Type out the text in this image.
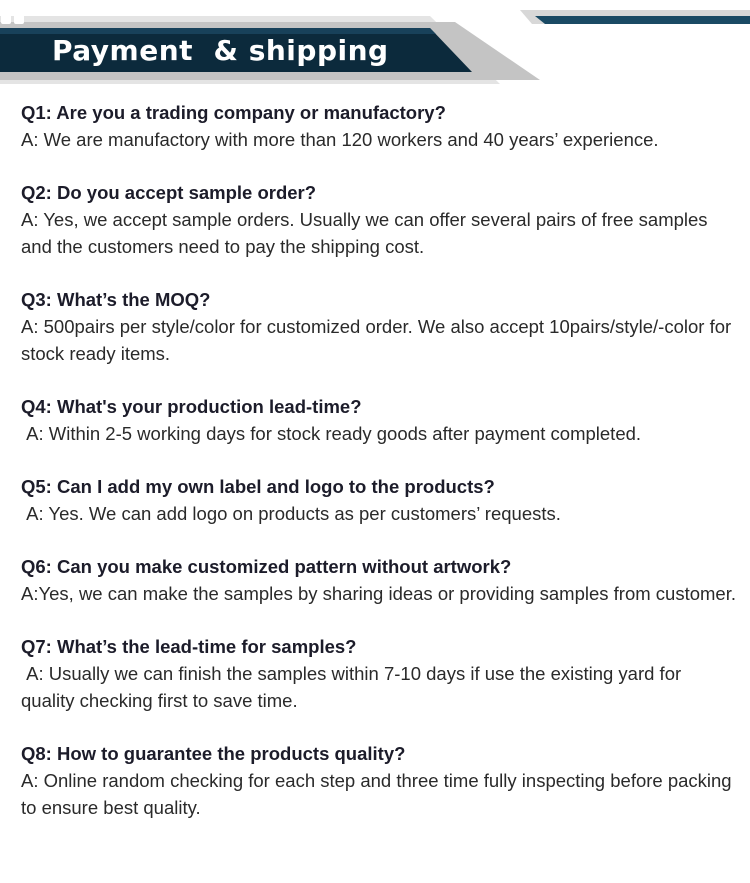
Payment  & shipping
Q1: Are you a trading company or manufactory?
A: We are manufactory with more than 120 workers and 40 years’ experience.
Q2: Do you accept sample order?
A: Yes, we accept sample orders. Usually we can offer several pairs of free samples and the customers need to pay the shipping cost.
Q3: What’s the MOQ?
A: 500pairs per style/color for customized order. We also accept 10pairs/style/-color for stock ready items.
Q4: What's your production lead-time?
A: Within 2-5 working days for stock ready goods after payment completed.
Q5: Can I add my own label and logo to the products?
A: Yes. We can add logo on products as per customers’ requests.
Q6: Can you make customized pattern without artwork?
A:Yes, we can make the samples by sharing ideas or providing samples from customer.
Q7: What’s the lead-time for samples?
A: Usually we can finish the samples within 7-10 days if use the existing yard for quality checking first to save time.
Q8: How to guarantee the products quality?
A: Online random checking for each step and three time fully inspecting before packing to ensure best quality.
